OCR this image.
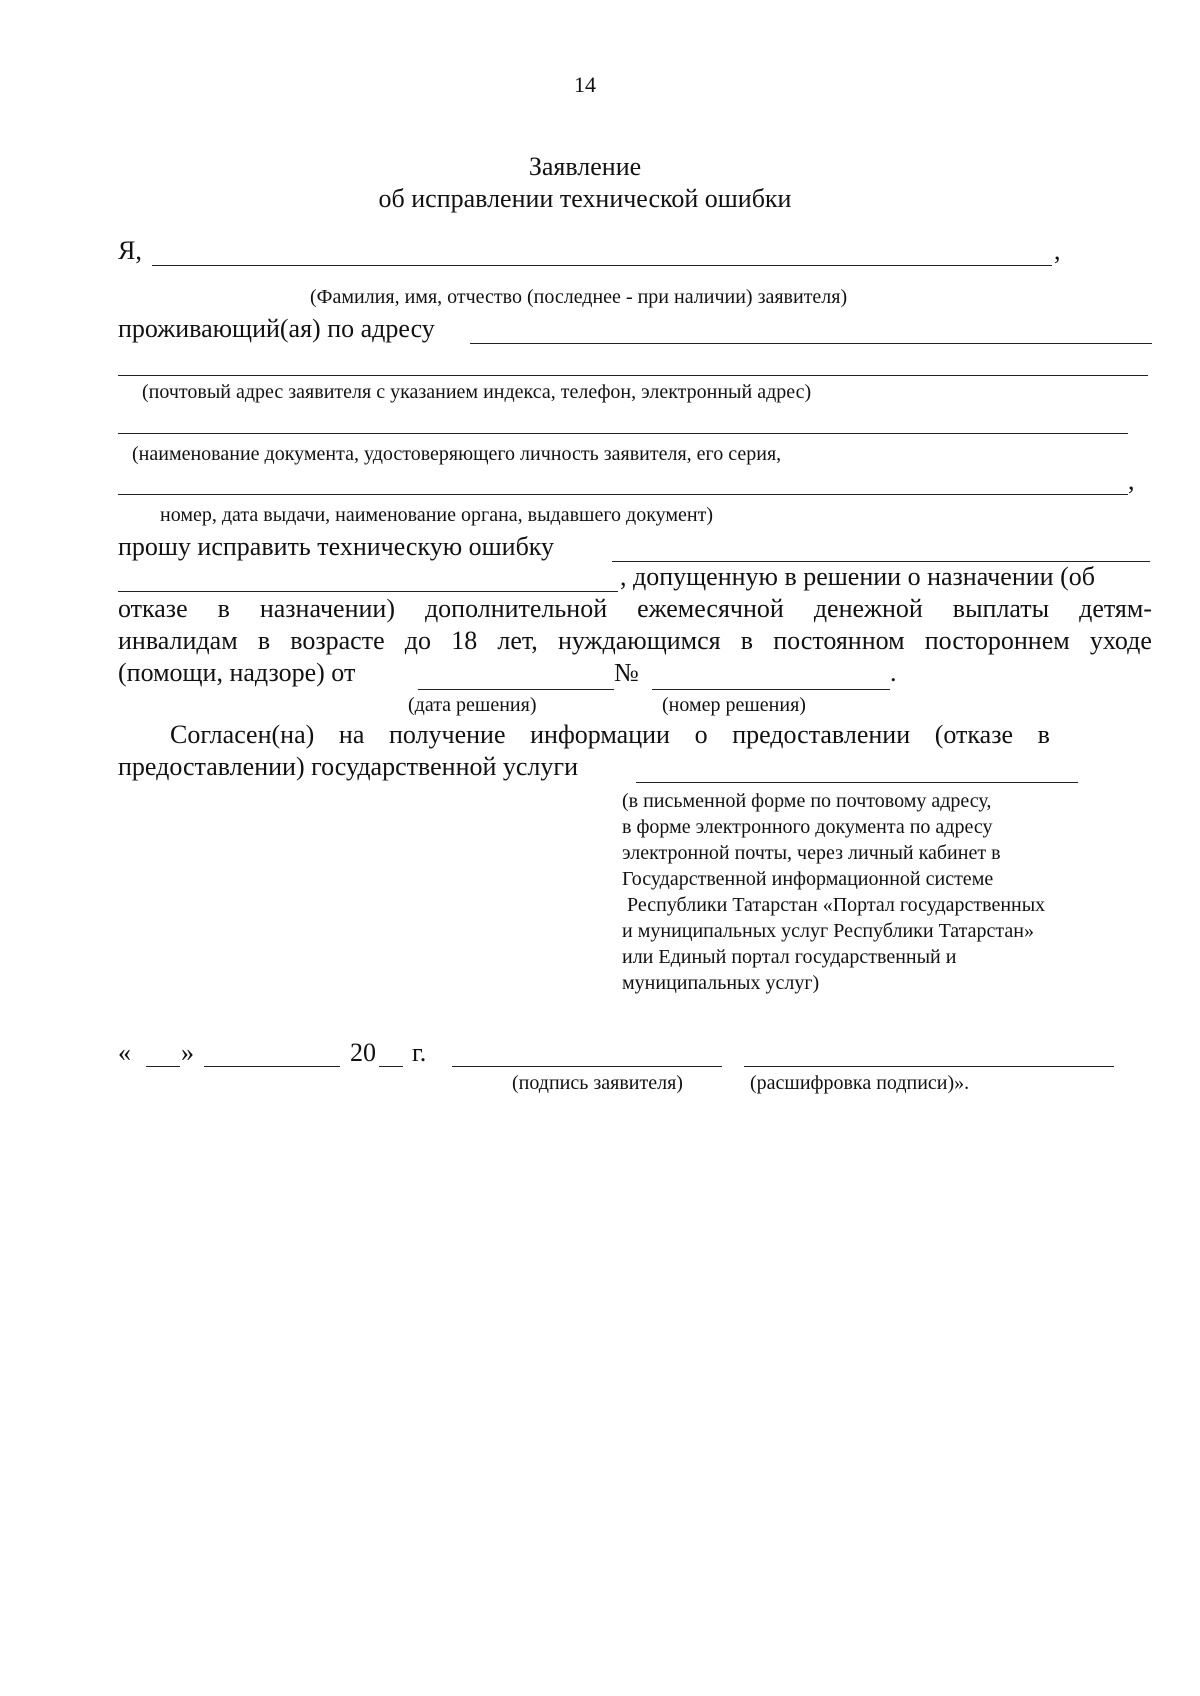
14
Заявление
об исправлении технической ошибки
Я,	,
(Фамилия, имя, отчество (последнее - при наличии) заявителя)
проживающий(ая) по адресу
(почтовый адрес заявителя с указанием индекса, телефон, электронный адрес)
(наименование документа, удостоверяющего личность заявителя, его серия,
,
номер, дата выдачи, наименование органа, выдавшего документ)
прошу исправить техническую ошибку
, допущенную в решении о назначении (об
отказе в назначении) дополнительной ежемесячной денежной выплаты детям-
инвалидам в возрасте до 18 лет, нуждающимся в постоянном постороннем уходе
(помощи, надзоре) от	№	.
(дата решения)	(номер решения)
Согласен(на) на получение информации о предоставлении (отказе в
предоставлении) государственной услуги
(в письменной форме по почтовому адресу,
в форме электронного документа по адресу
электронной почты, через личный кабинет в
Государственной информационной системе
Республики Татарстан «Портал государственных
и муниципальных услуг Республики Татарстан»
или Единый портал государственный и
муниципальных услуг)
« »	20 г.
(подпись заявителя)	(расшифровка подписи)».
